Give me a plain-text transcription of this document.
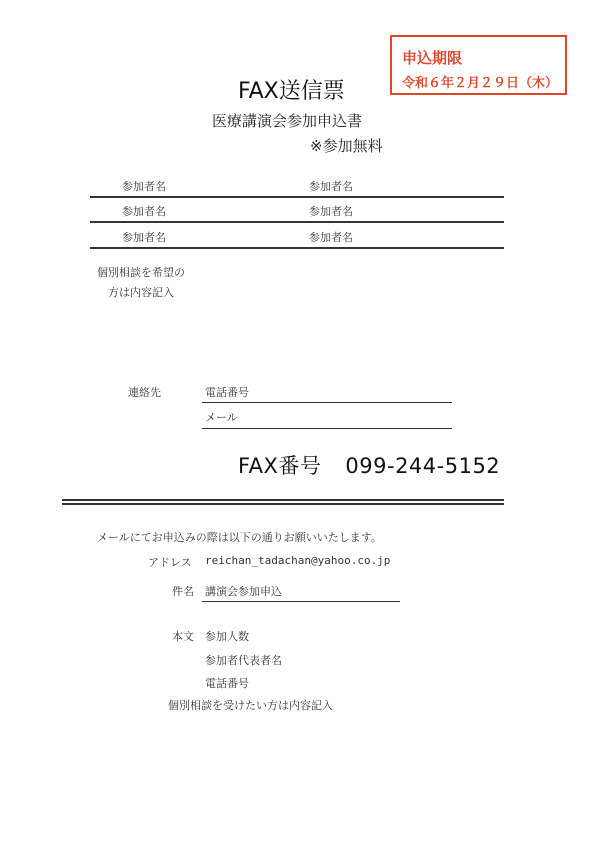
申込期限
令和６年２月２９日（木）
FAX送信票
医療講演会参加申込書
※参加無料
参加者名	参加者名
参加者名	参加者名
参加者名	参加者名
個別相談を希望の
方は内容記入
連絡先	電話番号
メール
FAX番号 099-244-5152
メールにてお申込みの際は以下の通りお願いいたします。
アドレス reichan_tadachan@yahoo.co.jp
件名 講演会参加申込
本文 参加人数
参加者代表者名
電話番号
個別相談を受けたい方は内容記入
